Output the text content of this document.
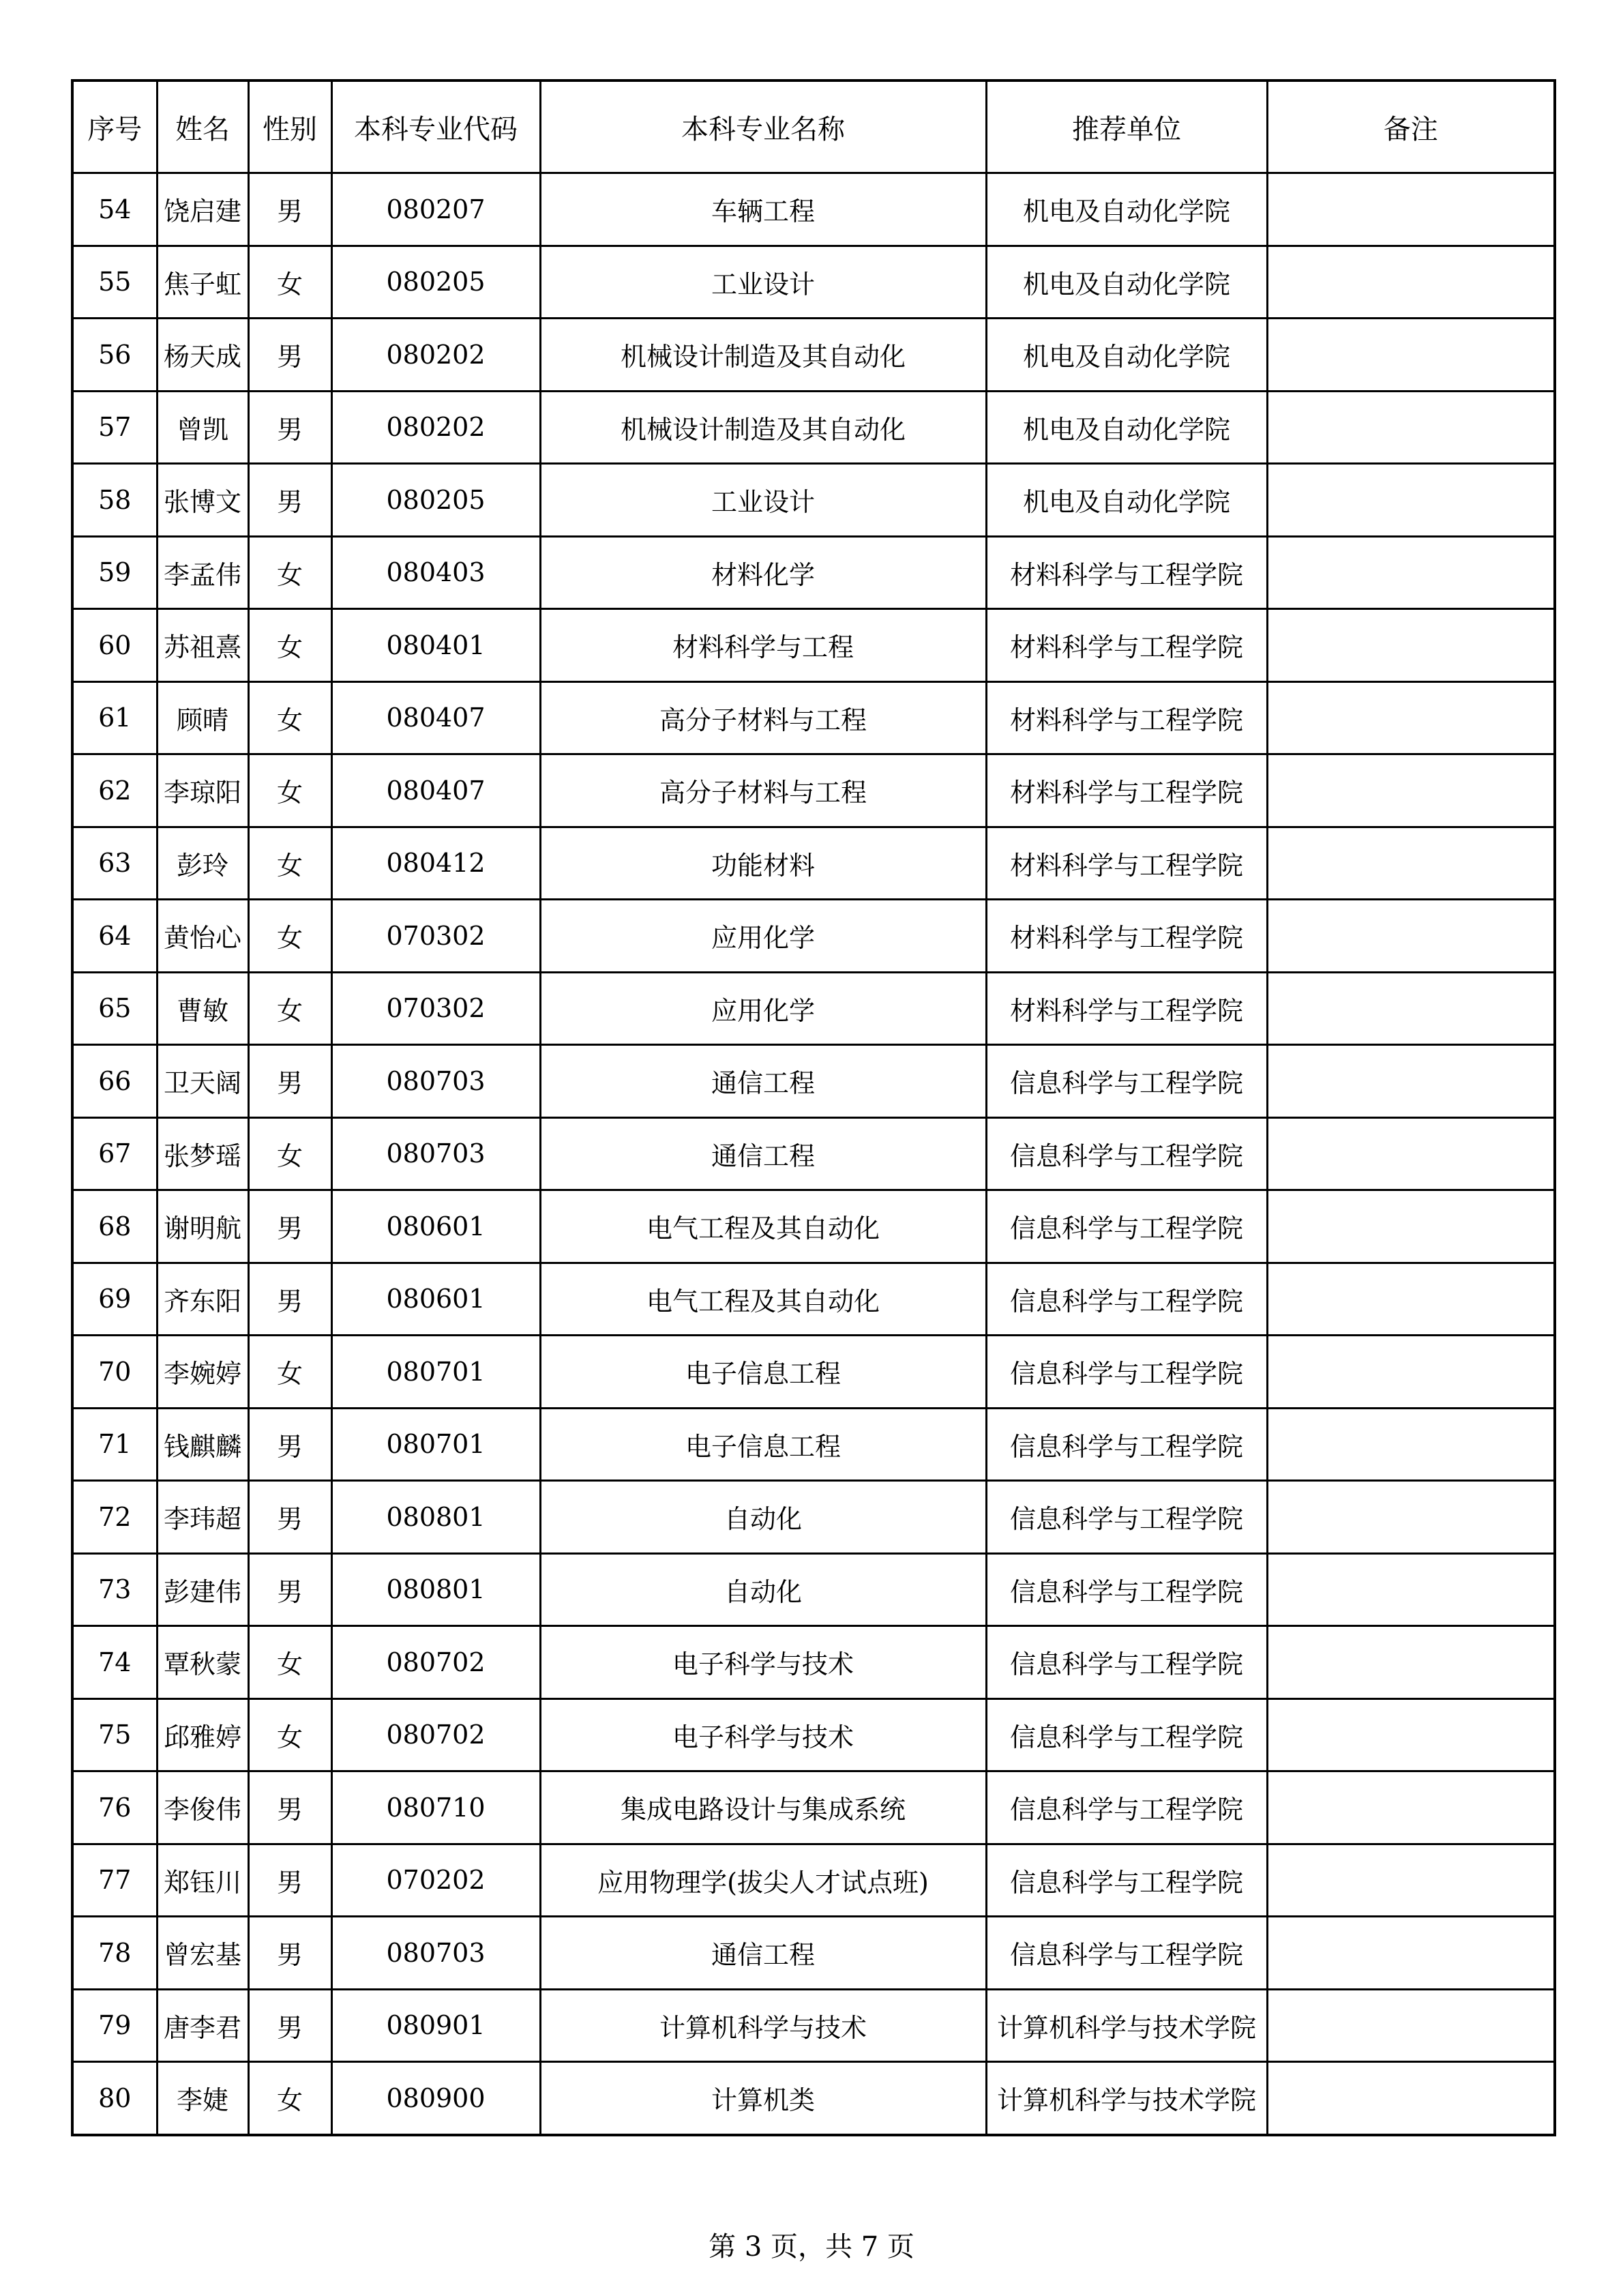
序号	姓名	性别	本科专业代码	本科专业名称	推荐单位	备注
54	饶启建	男	080207	车辆工程	机电及自动化学院	
55	焦子虹	女	080205	工业设计	机电及自动化学院	
56	杨天成	男	080202	机械设计制造及其自动化	机电及自动化学院	
57	曾凯	男	080202	机械设计制造及其自动化	机电及自动化学院	
58	张博文	男	080205	工业设计	机电及自动化学院	
59	李孟伟	女	080403	材料化学	材料科学与工程学院	
60	苏祖熹	女	080401	材料科学与工程	材料科学与工程学院	
61	顾晴	女	080407	高分子材料与工程	材料科学与工程学院	
62	李琼阳	女	080407	高分子材料与工程	材料科学与工程学院	
63	彭玲	女	080412	功能材料	材料科学与工程学院	
64	黄怡心	女	070302	应用化学	材料科学与工程学院	
65	曹敏	女	070302	应用化学	材料科学与工程学院	
66	卫天阔	男	080703	通信工程	信息科学与工程学院	
67	张梦瑶	女	080703	通信工程	信息科学与工程学院	
68	谢明航	男	080601	电气工程及其自动化	信息科学与工程学院	
69	齐东阳	男	080601	电气工程及其自动化	信息科学与工程学院	
70	李婉婷	女	080701	电子信息工程	信息科学与工程学院	
71	钱麒麟	男	080701	电子信息工程	信息科学与工程学院	
72	李玮超	男	080801	自动化	信息科学与工程学院	
73	彭建伟	男	080801	自动化	信息科学与工程学院	
74	覃秋蒙	女	080702	电子科学与技术	信息科学与工程学院	
75	邱雅婷	女	080702	电子科学与技术	信息科学与工程学院	
76	李俊伟	男	080710	集成电路设计与集成系统	信息科学与工程学院	
77	郑钰川	男	070202	应用物理学(拔尖人才试点班)	信息科学与工程学院	
78	曾宏基	男	080703	通信工程	信息科学与工程学院	
79	唐李君	男	080901	计算机科学与技术	计算机科学与技术学院	
80	李婕	女	080900	计算机类	计算机科学与技术学院	
第 3 页，共 7 页
